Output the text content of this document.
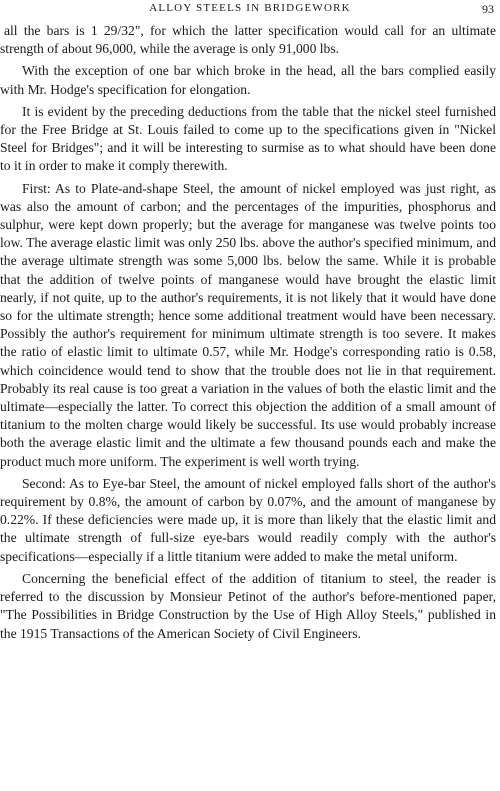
ALLOY STEELS IN BRIDGEWORK	93

all the bars is 1 29/32", for which the latter specification would call for an ultimate strength of about 96,000, while the average is only 91,000 lbs.

With the exception of one bar which broke in the head, all the bars complied easily with Mr. Hodge's specification for elongation.

It is evident by the preceding deductions from the table that the nickel steel furnished for the Free Bridge at St. Louis failed to come up to the specifications given in "Nickel Steel for Bridges"; and it will be interesting to surmise as to what should have been done to it in order to make it comply therewith.

First: As to Plate-and-shape Steel, the amount of nickel employed was just right, as was also the amount of carbon; and the percentages of the impurities, phosphorus and sulphur, were kept down properly; but the average for manganese was twelve points too low. The average elastic limit was only 250 lbs. above the author's specified minimum, and the average ultimate strength was some 5,000 lbs. below the same. While it is probable that the addition of twelve points of manganese would have brought the elastic limit nearly, if not quite, up to the author's requirements, it is not likely that it would have done so for the ultimate strength; hence some additional treatment would have been necessary. Possibly the author's requirement for minimum ultimate strength is too severe. It makes the ratio of elastic limit to ultimate 0.57, while Mr. Hodge's corresponding ratio is 0.58, which coincidence would tend to show that the trouble does not lie in that requirement. Probably its real cause is too great a variation in the values of both the elastic limit and the ultimate—especially the latter. To correct this objection the addition of a small amount of titanium to the molten charge would likely be successful. Its use would probably increase both the average elastic limit and the ultimate a few thousand pounds each and make the product much more uniform. The experiment is well worth trying.

Second: As to Eye-bar Steel, the amount of nickel employed falls short of the author's requirement by 0.8%, the amount of carbon by 0.07%, and the amount of manganese by 0.22%. If these deficiencies were made up, it is more than likely that the elastic limit and the ultimate strength of full-size eye-bars would readily comply with the author's specifications—especially if a little titanium were added to make the metal uniform.

Concerning the beneficial effect of the addition of titanium to steel, the reader is referred to the discussion by Monsieur Petinot of the author's before-mentioned paper, "The Possibilities in Bridge Construction by the Use of High Alloy Steels," published in the 1915 Transactions of the American Society of Civil Engineers.
